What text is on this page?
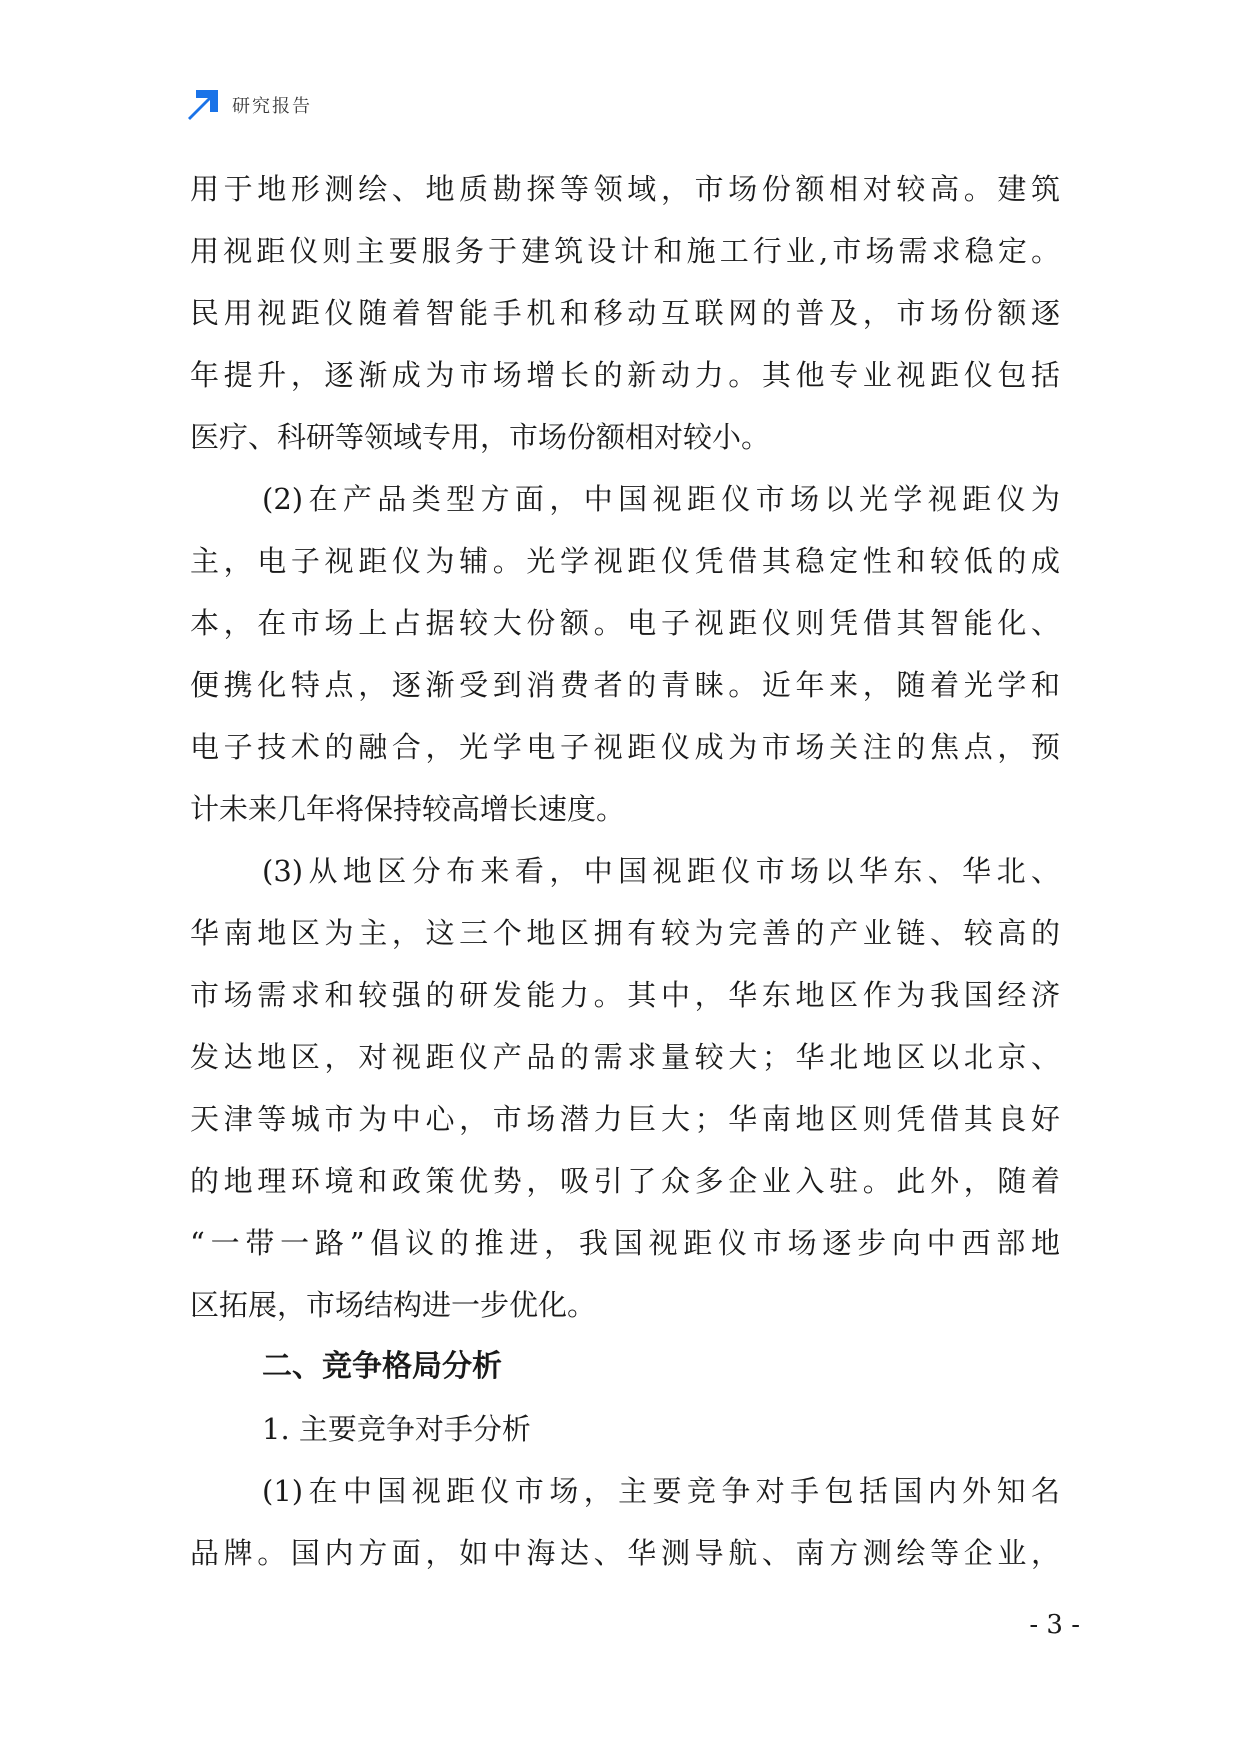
研究报告
用于地形测绘、地质勘探等领域，市场份额相对较高。建筑
用视距仪则主要服务于建筑设计和施工行业,市场需求稳定。
民用视距仪随着智能手机和移动互联网的普及，市场份额逐
年提升，逐渐成为市场增长的新动力。其他专业视距仪包括
医疗、科研等领域专用，市场份额相对较小。
(2)在产品类型方面，中国视距仪市场以光学视距仪为
主，电子视距仪为辅。光学视距仪凭借其稳定性和较低的成
本，在市场上占据较大份额。电子视距仪则凭借其智能化、
便携化特点，逐渐受到消费者的青睐。近年来，随着光学和
电子技术的融合，光学电子视距仪成为市场关注的焦点，预
计未来几年将保持较高增长速度。
(3)从地区分布来看，中国视距仪市场以华东、华北、
华南地区为主，这三个地区拥有较为完善的产业链、较高的
市场需求和较强的研发能力。其中，华东地区作为我国经济
发达地区，对视距仪产品的需求量较大；华北地区以北京、
天津等城市为中心，市场潜力巨大；华南地区则凭借其良好
的地理环境和政策优势，吸引了众多企业入驻。此外，随着
“一带一路”倡议的推进，我国视距仪市场逐步向中西部地
区拓展，市场结构进一步优化。
二、竞争格局分析
1. 主要竞争对手分析
(1)在中国视距仪市场，主要竞争对手包括国内外知名
品牌。国内方面，如中海达、华测导航、南方测绘等企业，
- 3 -
